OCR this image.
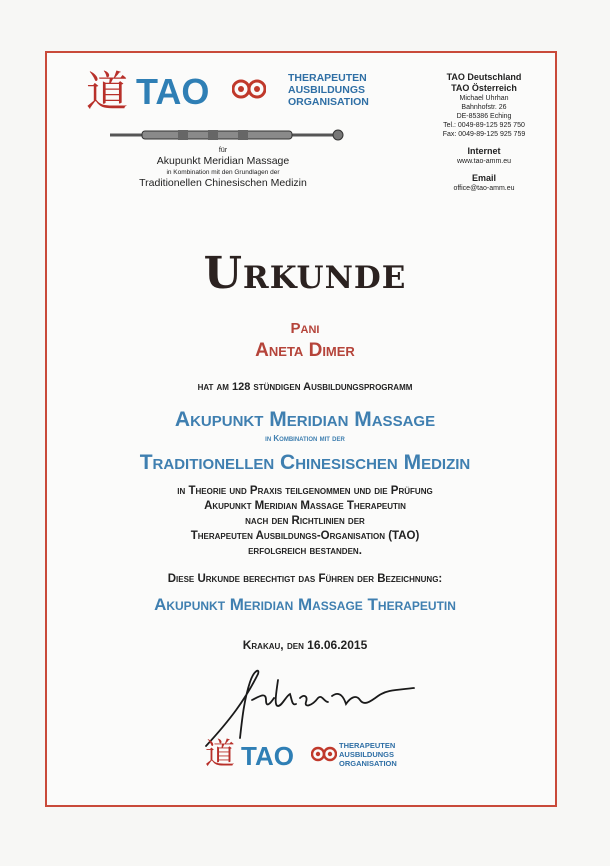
道 TAO	THERAPEUTEN
AUSBILDUNGS
ORGANISATION
für
Akupunkt Meridian Massage
in Kombination mit den Grundlagen der
Traditionellen Chinesischen Medizin
TAO Deutschland
TAO Österreich
Michael Uhrhan
Bahnhofstr. 26
DE-85386 Eching
Tel.: 0049-89-125 925 750
Fax: 0049-89-125 925 759
Internet
www.tao-amm.eu
Email
office@tao-amm.eu
Urkunde
Pani
Aneta Dimer
hat am 128 stündigen Ausbildungsprogramm
Akupunkt Meridian Massage
in Kombination mit der
Traditionellen Chinesischen Medizin
in Theorie und Praxis teilgenommen und die Prüfung
Akupunkt Meridian Massage Therapeutin
nach den Richtlinien der
Therapeuten Ausbildungs-Organisation (TAO)
erfolgreich bestanden.
Diese Urkunde berechtigt das Führen der Bezeichnung:
Akupunkt Meridian Massage Therapeutin
Krakau, den 16.06.2015
道 TAO	THERAPEUTEN
AUSBILDUNGS
ORGANISATION
